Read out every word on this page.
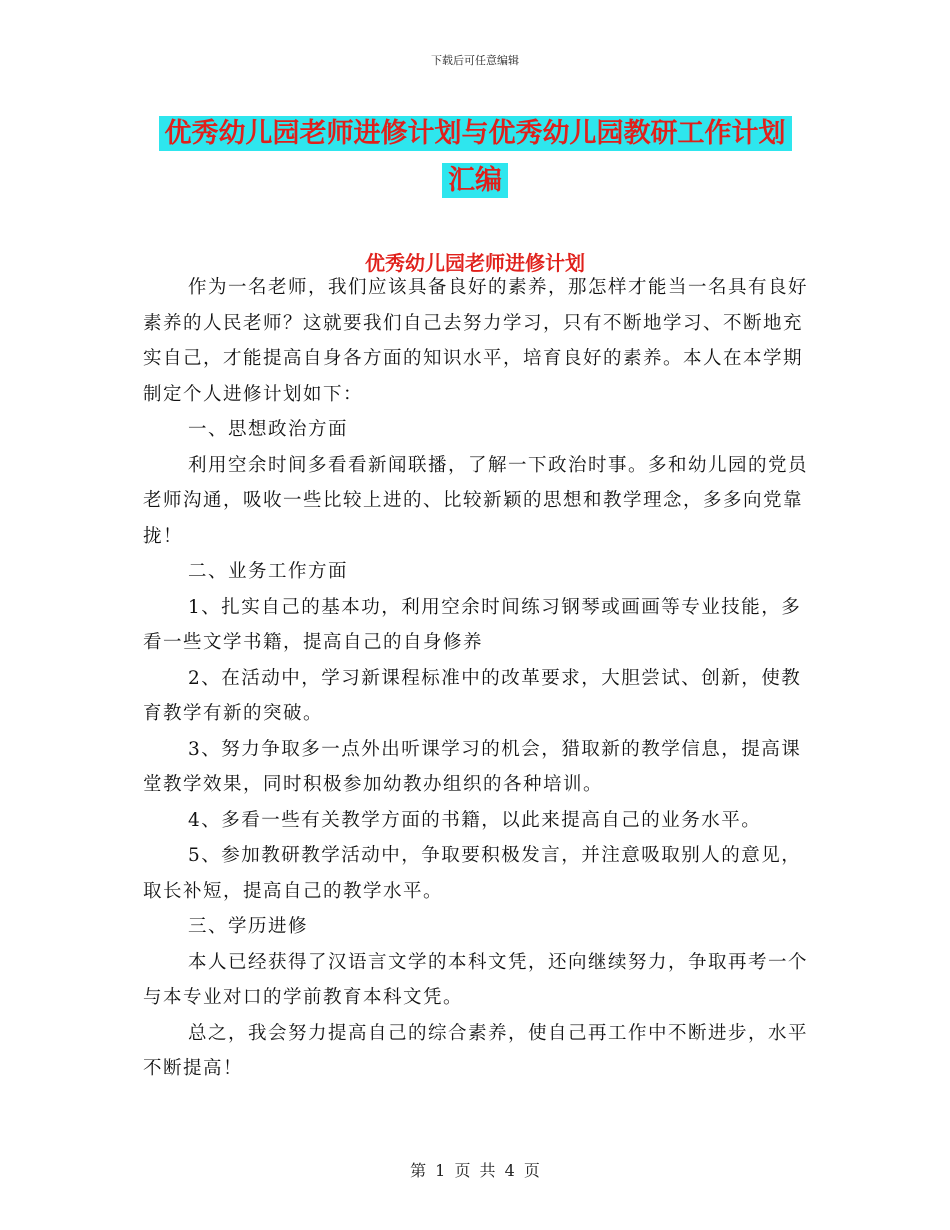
下载后可任意编辑
优秀幼儿园老师进修计划与优秀幼儿园教研工作计划
汇编
优秀幼儿园老师进修计划

作为一名老师，我们应该具备良好的素养，那怎样才能当一名具有良好素养的人民老师？这就要我们自己去努力学习，只有不断地学习、不断地充实自己，才能提高自身各方面的知识水平，培育良好的素养。本人在本学期制定个人进修计划如下：

一、思想政治方面

利用空余时间多看看新闻联播，了解一下政治时事。多和幼儿园的党员老师沟通，吸收一些比较上进的、比较新颖的思想和教学理念，多多向党靠拢！

二、业务工作方面

1、扎实自己的基本功，利用空余时间练习钢琴或画画等专业技能，多看一些文学书籍，提高自己的自身修养

2、在活动中，学习新课程标准中的改革要求，大胆尝试、创新，使教育教学有新的突破。

3、努力争取多一点外出听课学习的机会，猎取新的教学信息，提高课堂教学效果，同时积极参加幼教办组织的各种培训。

4、多看一些有关教学方面的书籍，以此来提高自己的业务水平。

5、参加教研教学活动中，争取要积极发言，并注意吸取别人的意见，取长补短，提高自己的教学水平。

三、学历进修

本人已经获得了汉语言文学的本科文凭，还向继续努力，争取再考一个与本专业对口的学前教育本科文凭。

总之，我会努力提高自己的综合素养，使自己再工作中不断进步，水平不断提高！

第 1 页 共 4 页
